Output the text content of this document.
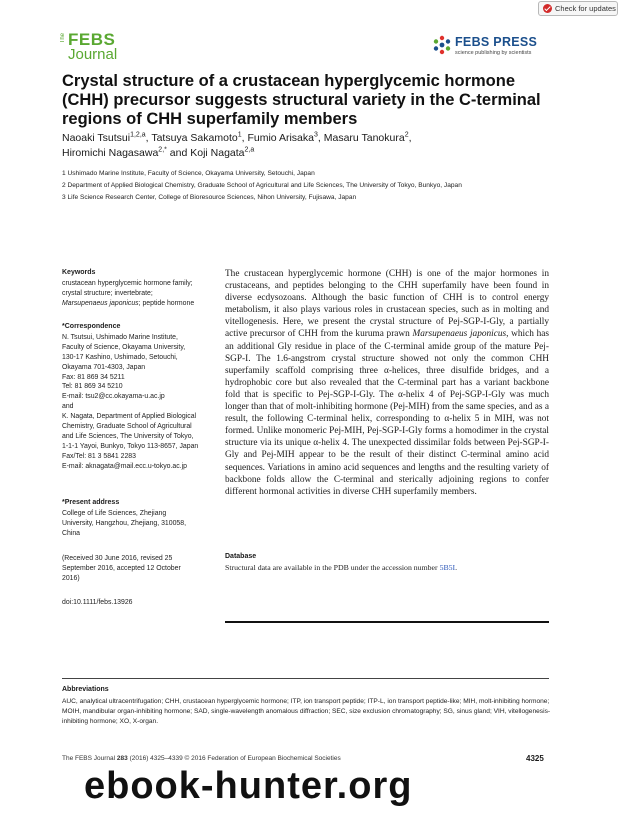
Check for updates
The FEBS
Journal
FEBS PRESS
science publishing by scientists
Crystal structure of a crustacean hyperglycemic hormone (CHH) precursor suggests structural variety in the C-terminal regions of CHH superfamily members
Naoaki Tsutsui$^{1,2,a}$, Tatsuya Sakamoto$^1$, Fumio Arisaka$^3$, Masaru Tanokura$^2$,
Hiromichi Nagasawa$^{2,*}$ and Koji Nagata$^{2,a}$
1 Ushimado Marine Institute, Faculty of Science, Okayama University, Setouchi, Japan
2 Department of Applied Biological Chemistry, Graduate School of Agricultural and Life Sciences, The University of Tokyo, Bunkyo, Japan
3 Life Science Research Center, College of Bioresource Sciences, Nihon University, Fujisawa, Japan
Keywords
crustacean hyperglycemic hormone family;
crystal structure; invertebrate;
Marsupenaeus japonicus; peptide hormone
*Correspondence
N. Tsutsui, Ushimado Marine Institute,
Faculty of Science, Okayama University,
130-17 Kashino, Ushimado, Setouchi,
Okayama 701-4303, Japan
Fax: 81 869 34 5211
Tel: 81 869 34 5210
E-mail: tsu2@cc.okayama-u.ac.jp
and
K. Nagata, Department of Applied Biological
Chemistry, Graduate School of Agricultural
and Life Sciences, The University of Tokyo,
1-1-1 Yayoi, Bunkyo, Tokyo 113-8657, Japan
Fax/Tel: 81 3 5841 2283
E-mail: aknagata@mail.ecc.u-tokyo.ac.jp
*Present address
College of Life Sciences, Zhejiang
University, Hangzhou, Zhejiang, 310058,
China
(Received 30 June 2016, revised 25
September 2016, accepted 12 October
2016)
doi:10.1111/febs.13926
The crustacean hyperglycemic hormone (CHH) is one of the major hormones in crustaceans, and peptides belonging to the CHH superfamily have been found in diverse ecdysozoans. Although the basic function of CHH is to control energy metabolism, it also plays various roles in crustacean species, such as in molting and vitellogenesis. Here, we present the crystal structure of Pej-SGP-I-Gly, a partially active precursor of CHH from the kuruma prawn Marsupenaeus japonicus, which has an additional Gly residue in place of the C-terminal amide group of the mature Pej-SGP-I. The 1.6-angstrom crystal structure showed not only the common CHH superfamily scaffold comprising three α-helices, three disulfide bridges, and a hydrophobic core but also revealed that the C-terminal part has a variant backbone fold that is specific to Pej-SGP-I-Gly. The α-helix 4 of Pej-SGP-I-Gly was much longer than that of molt-inhibiting hormone (Pej-MIH) from the same species, and as a result, the following C-terminal helix, corresponding to α-helix 5 in MIH, was not formed. Unlike monomeric Pej-MIH, Pej-SGP-I-Gly forms a homodimer in the crystal structure via its unique α-helix 4. The unexpected dissimilar folds between Pej-SGP-I-Gly and Pej-MIH appear to be the result of their distinct C-terminal amino acid sequences. Variations in amino acid sequences and lengths and the resulting variety of backbone folds allow the C-terminal and sterically adjoining regions to confer different hormonal activities in diverse CHH superfamily members.
Database
Structural data are available in the PDB under the accession number 5B5I.
Abbreviations
AUC, analytical ultracentrifugation; CHH, crustacean hyperglycemic hormone; ITP, ion transport peptide; ITP-L, ion transport peptide-like; MIH, molt-inhibiting hormone; MOIH, mandibular organ-inhibiting hormone; SAD, single-wavelength anomalous diffraction; SEC, size exclusion chromatography; SG, sinus gland; VIH, vitellogenesis-inhibiting hormone; XO, X-organ.
The FEBS Journal 283 (2016) 4325–4339 © 2016 Federation of European Biochemical Societies	4325
ebook-hunter.org
